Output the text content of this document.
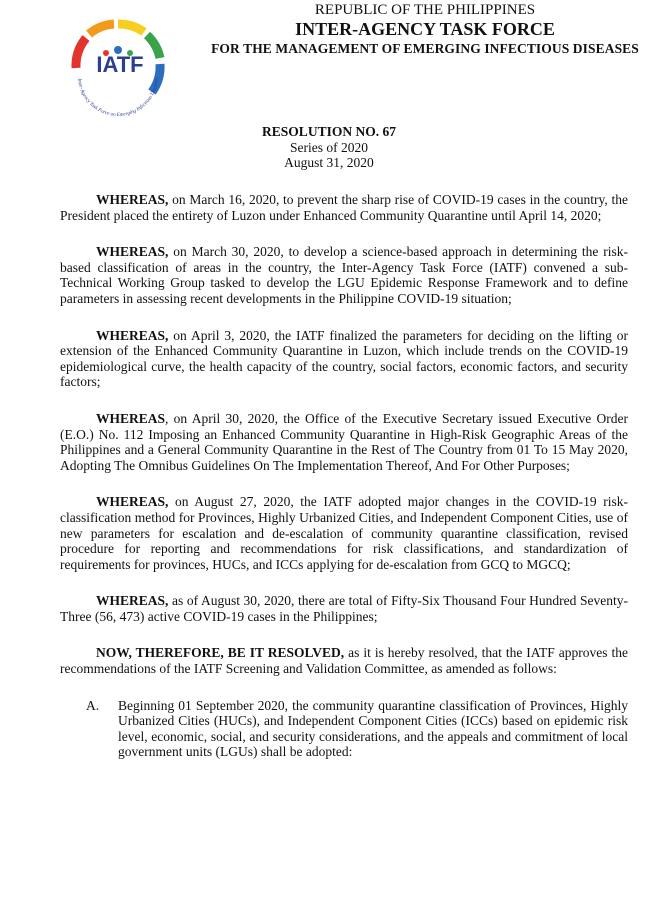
IATF
Inter-Agency Task Force on Emerging Infectious Diseases
REPUBLIC OF THE PHILIPPINES
INTER-AGENCY TASK FORCE
FOR THE MANAGEMENT OF EMERGING INFECTIOUS DISEASES
RESOLUTION NO. 67
Series of 2020
August 31, 2020

WHEREAS, on March 16, 2020, to prevent the sharp rise of COVID-19 cases in the country, the President placed the entirety of Luzon under Enhanced Community Quarantine until April 14, 2020;

WHEREAS, on March 30, 2020, to develop a science-based approach in determining the risk-based classification of areas in the country, the Inter-Agency Task Force (IATF) convened a sub-Technical Working Group tasked to develop the LGU Epidemic Response Framework and to define parameters in assessing recent developments in the Philippine COVID-19 situation;

WHEREAS, on April 3, 2020, the IATF finalized the parameters for deciding on the lifting or extension of the Enhanced Community Quarantine in Luzon, which include trends on the COVID-19 epidemiological curve, the health capacity of the country, social factors, economic factors, and security factors;

WHEREAS, on April 30, 2020, the Office of the Executive Secretary issued Executive Order (E.O.) No. 112 Imposing an Enhanced Community Quarantine in High-Risk Geographic Areas of the Philippines and a General Community Quarantine in the Rest of The Country from 01 To 15 May 2020, Adopting The Omnibus Guidelines On The Implementation Thereof, And For Other Purposes;

WHEREAS, on August 27, 2020, the IATF adopted major changes in the COVID-19 risk-classification method for Provinces, Highly Urbanized Cities, and Independent Component Cities, use of new parameters for escalation and de-escalation of community quarantine classification, revised procedure for reporting and recommendations for risk classifications, and standardization of requirements for provinces, HUCs, and ICCs applying for de-escalation from GCQ to MGCQ;

WHEREAS, as of August 30, 2020, there are total of Fifty-Six Thousand Four Hundred Seventy-Three (56, 473) active COVID-19 cases in the Philippines;

NOW, THEREFORE, BE IT RESOLVED, as it is hereby resolved, that the IATF approves the recommendations of the IATF Screening and Validation Committee, as amended as follows:

A. Beginning 01 September 2020, the community quarantine classification of Provinces, Highly Urbanized Cities (HUCs), and Independent Component Cities (ICCs) based on epidemic risk level, economic, social, and security considerations, and the appeals and commitment of local government units (LGUs) shall be adopted:
